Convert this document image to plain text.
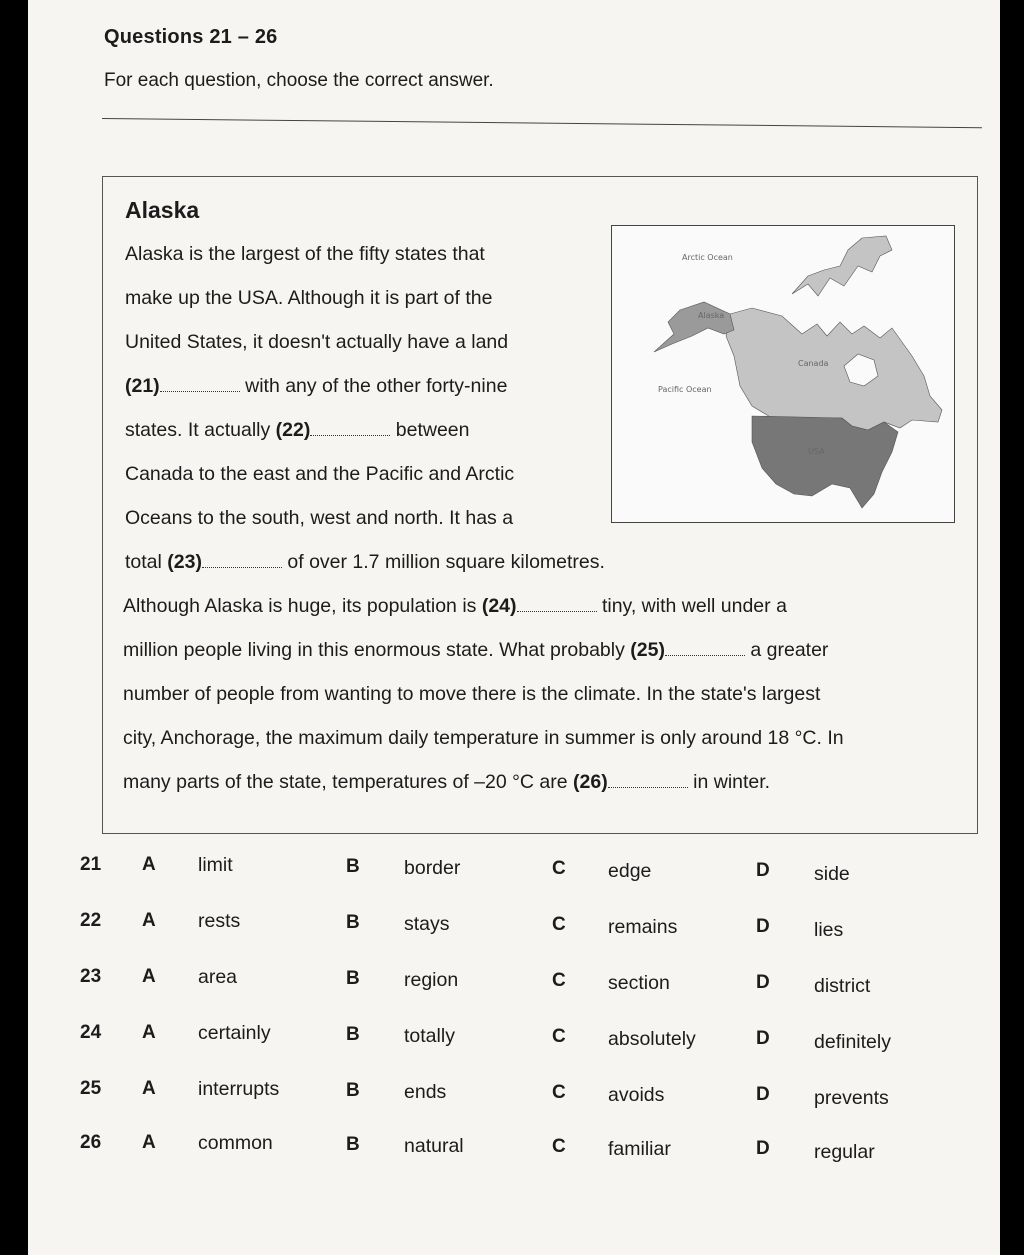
Questions 21 – 26

For each question, choose the correct answer.

Alaska
Alaska is the largest of the fifty states that
make up the USA. Although it is part of the
United States, it doesn't actually have a land
(21)	with any of the other forty-nine
states. It actually (22)	between
Canada to the east and the Pacific and Arctic
Oceans to the south, west and north. It has a
total (23)	of over 1.7 million square kilometres.
Although Alaska is huge, its population is (24)	tiny, with well under a
million people living in this enormous state. What probably (25)	a greater
number of people from wanting to move there is the climate. In the state's largest
city, Anchorage, the maximum daily temperature in summer is only around 18 °C. In
many parts of the state, temperatures of –20 °C are (26)	in winter.
Arctic Ocean
Alaska
Canada
Pacific Ocean
USA
21 A limit	B border	C edge	D side
22 A rests	B stays	C remains	D lies
23 A area	B region	C section	D district
24 A certainly	B totally	C absolutely	D definitely
25 A interrupts	B ends	C avoids	D prevents
26 A common	B natural	C familiar	D regular
